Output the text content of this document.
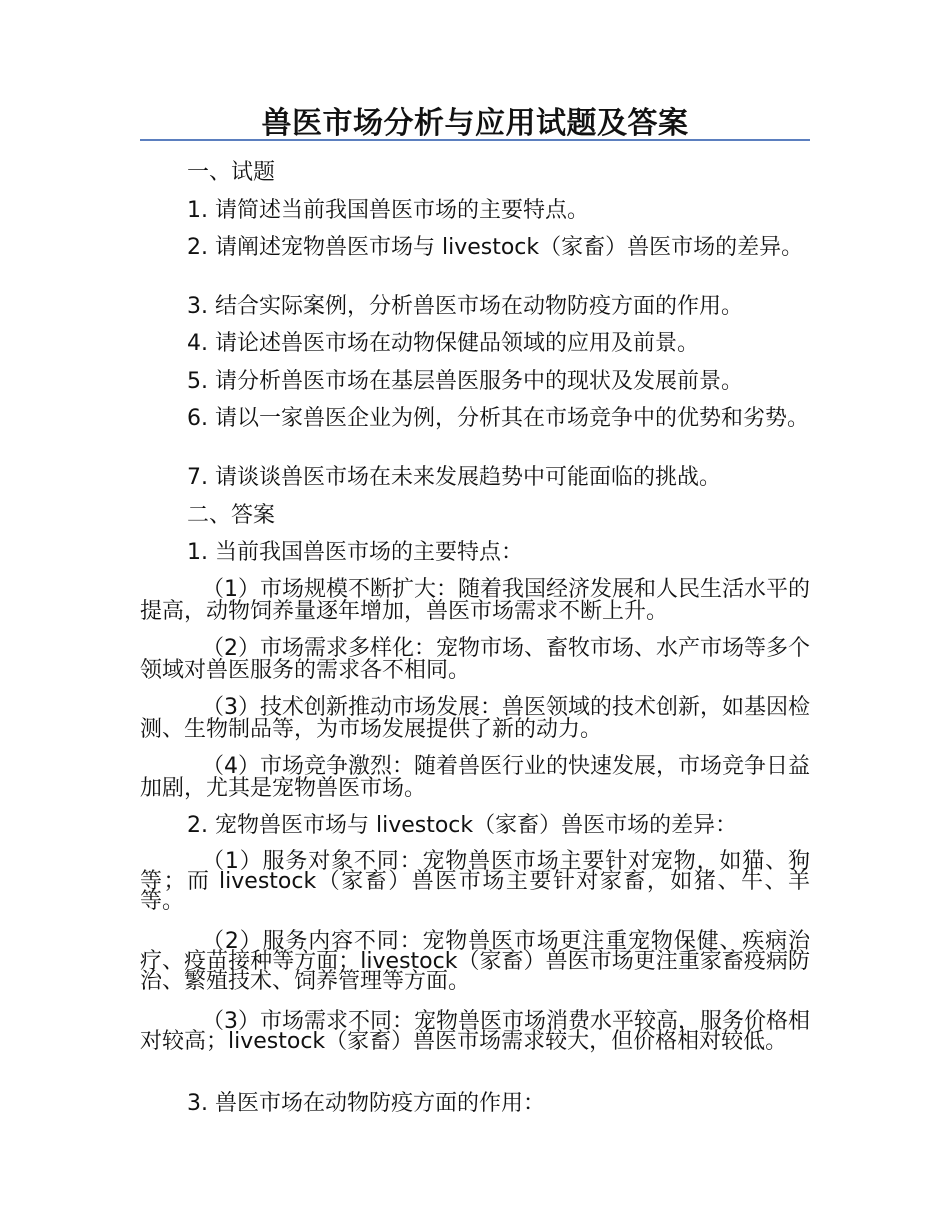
兽医市场分析与应用试题及答案

一、试题

1. 请简述当前我国兽医市场的主要特点。

2. 请阐述宠物兽医市场与 livestock（家畜）兽医市场的差异。

3. 结合实际案例，分析兽医市场在动物防疫方面的作用。

4. 请论述兽医市场在动物保健品领域的应用及前景。

5. 请分析兽医市场在基层兽医服务中的现状及发展前景。

6. 请以一家兽医企业为例，分析其在市场竞争中的优势和劣势。

7. 请谈谈兽医市场在未来发展趋势中可能面临的挑战。

二、答案

1. 当前我国兽医市场的主要特点：

（1）市场规模不断扩大：随着我国经济发展和人民生活水平的提高，动物饲养量逐年增加，兽医市场需求不断上升。

（2）市场需求多样化：宠物市场、畜牧市场、水产市场等多个领域对兽医服务的需求各不相同。

（3）技术创新推动市场发展：兽医领域的技术创新，如基因检测、生物制品等，为市场发展提供了新的动力。

（4）市场竞争激烈：随着兽医行业的快速发展，市场竞争日益加剧，尤其是宠物兽医市场。

2. 宠物兽医市场与 livestock（家畜）兽医市场的差异：

（1）服务对象不同：宠物兽医市场主要针对宠物，如猫、狗等；而 livestock（家畜）兽医市场主要针对家畜，如猪、牛、羊等。

（2）服务内容不同：宠物兽医市场更注重宠物保健、疾病治疗、疫苗接种等方面；livestock（家畜）兽医市场更注重家畜疫病防治、繁殖技术、饲养管理等方面。

（3）市场需求不同：宠物兽医市场消费水平较高，服务价格相对较高；livestock（家畜）兽医市场需求较大，但价格相对较低。

3. 兽医市场在动物防疫方面的作用：
